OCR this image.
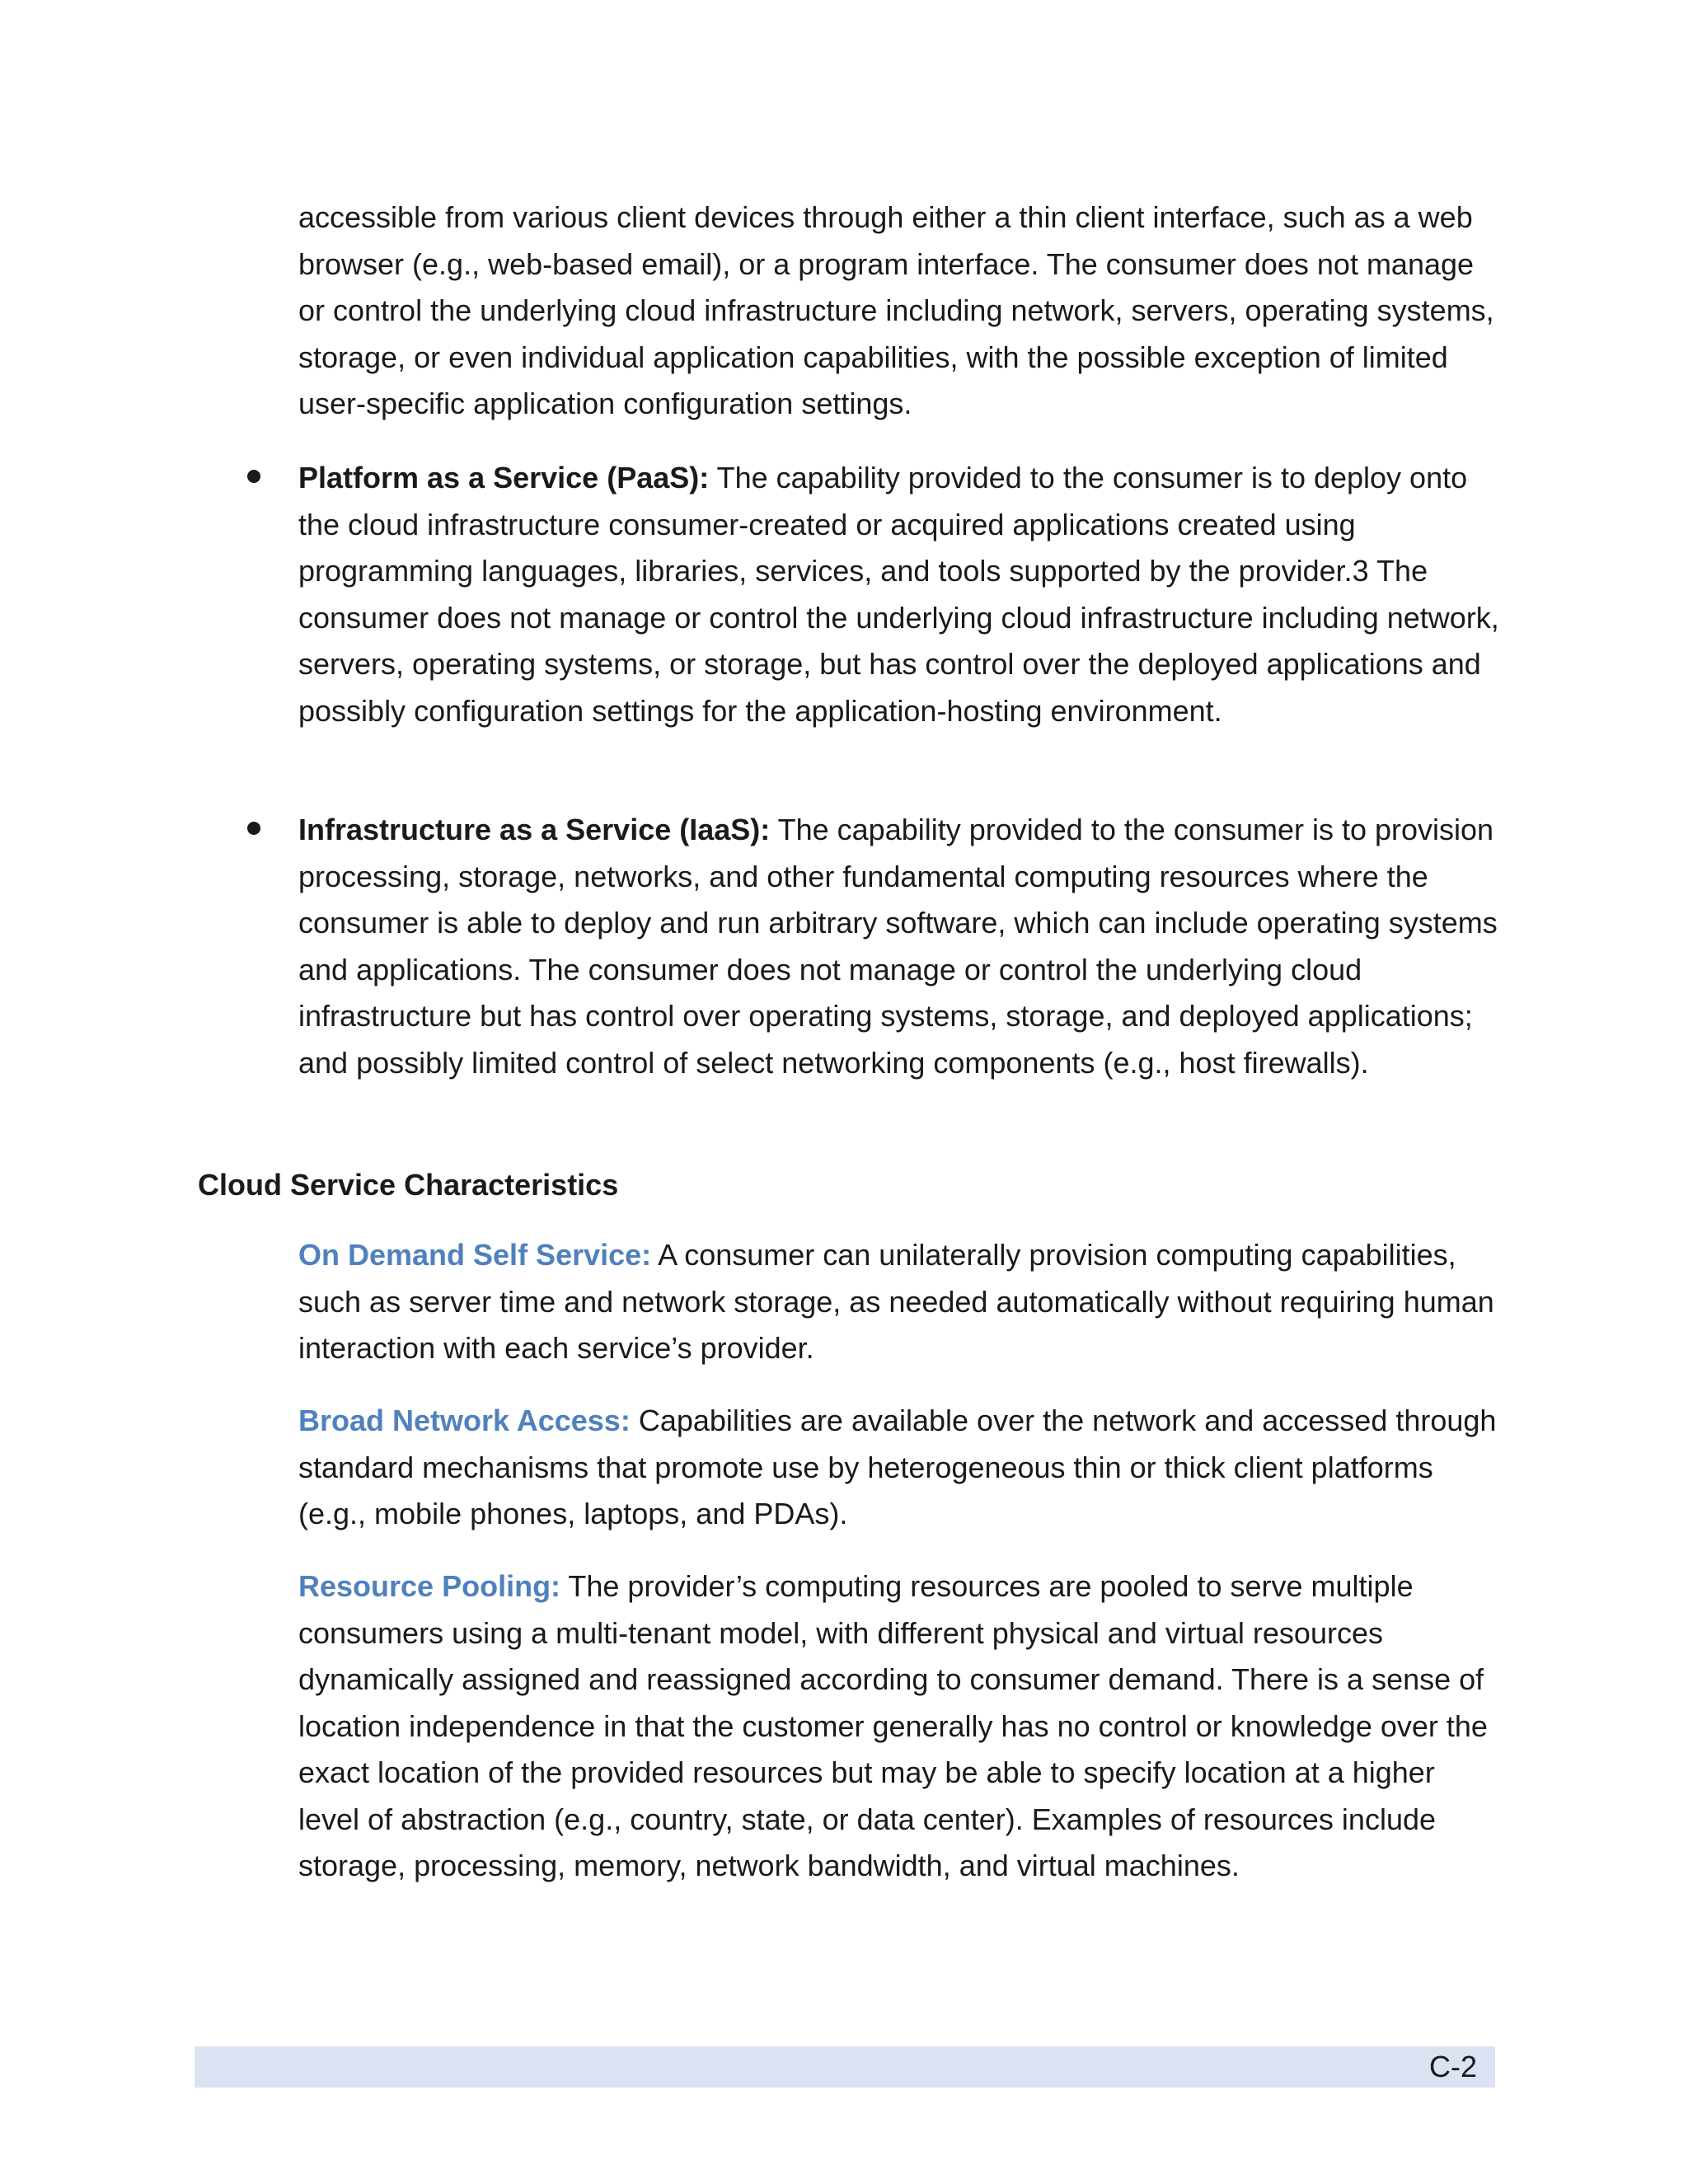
accessible from various client devices through either a thin client interface, such as a web browser (e.g., web-based email), or a program interface. The consumer does not manage or control the underlying cloud infrastructure including network, servers, operating systems, storage, or even individual application capabilities, with the possible exception of limited user-specific application configuration settings.

Platform as a Service (PaaS): The capability provided to the consumer is to deploy onto the cloud infrastructure consumer-created or acquired applications created using programming languages, libraries, services, and tools supported by the provider.3 The consumer does not manage or control the underlying cloud infrastructure including network, servers, operating systems, or storage, but has control over the deployed applications and possibly configuration settings for the application-hosting environment.

Infrastructure as a Service (IaaS): The capability provided to the consumer is to provision processing, storage, networks, and other fundamental computing resources where the consumer is able to deploy and run arbitrary software, which can include operating systems and applications. The consumer does not manage or control the underlying cloud infrastructure but has control over operating systems, storage, and deployed applications; and possibly limited control of select networking components (e.g., host firewalls).

Cloud Service Characteristics

On Demand Self Service: A consumer can unilaterally provision computing capabilities, such as server time and network storage, as needed automatically without requiring human interaction with each service’s provider.

Broad Network Access: Capabilities are available over the network and accessed through standard mechanisms that promote use by heterogeneous thin or thick client platforms (e.g., mobile phones, laptops, and PDAs).

Resource Pooling: The provider’s computing resources are pooled to serve multiple consumers using a multi-tenant model, with different physical and virtual resources dynamically assigned and reassigned according to consumer demand. There is a sense of location independence in that the customer generally has no control or knowledge over the exact location of the provided resources but may be able to specify location at a higher level of abstraction (e.g., country, state, or data center). Examples of resources include storage, processing, memory, network bandwidth, and virtual machines.

C-2
